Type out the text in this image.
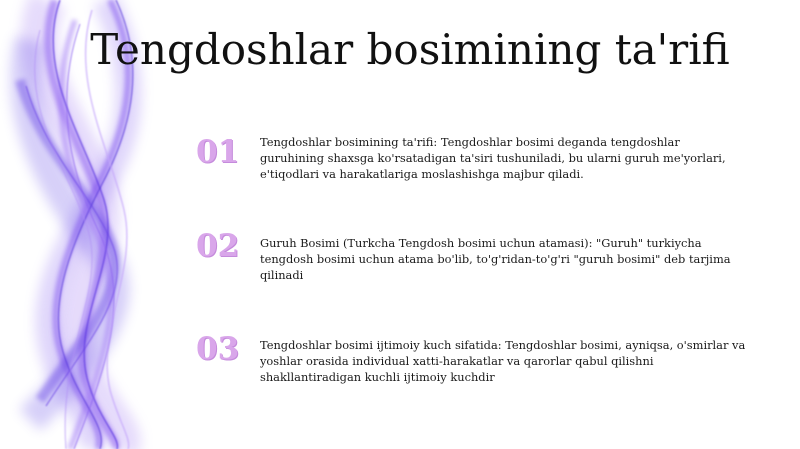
Tengdoshlar bosimining ta'rifi
01	Tengdoshlar bosimining ta'rifi: Tengdoshlar bosimi deganda tengdoshlar guruhining shaxsga ko'rsatadigan ta'siri tushuniladi, bu ularni guruh me'yorlari, e'tiqodlari va harakatlariga moslashishga majbur qiladi.
02	Guruh Bosimi (Turkcha Tengdosh bosimi uchun atamasi): "Guruh" turkiycha tengdosh bosimi uchun atama bo'lib, to'g'ridan-to'g'ri "guruh bosimi" deb tarjima qilinadi
03	Tengdoshlar bosimi ijtimoiy kuch sifatida: Tengdoshlar bosimi, ayniqsa, o'smirlar va yoshlar orasida individual xatti-harakatlar va qarorlar qabul qilishni shakllantiradigan kuchli ijtimoiy kuchdir
